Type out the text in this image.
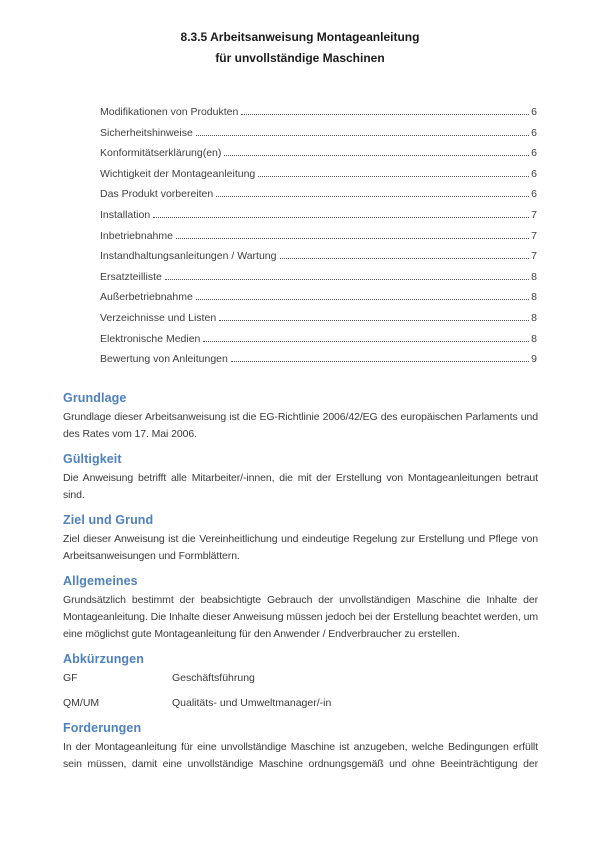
8.3.5 Arbeitsanweisung Montageanleitung
für unvollständige Maschinen
Modifikationen von Produkten	6
Sicherheitshinweise	6
Konformitätserklärung(en)	6
Wichtigkeit der Montageanleitung	6
Das Produkt vorbereiten	6
Installation	7
Inbetriebnahme	7
Instandhaltungsanleitungen / Wartung	7
Ersatzteilliste	8
Außerbetriebnahme	8
Verzeichnisse und Listen	8
Elektronische Medien	8
Bewertung von Anleitungen	9
Grundlage
Grundlage dieser Arbeitsanweisung ist die EG-Richtlinie 2006/42/EG des europäischen Parlaments und
des Rates vom 17. Mai 2006.
Gültigkeit
Die Anweisung betrifft alle Mitarbeiter/-innen, die mit der Erstellung von Montageanleitungen betraut
sind.
Ziel und Grund
Ziel dieser Anweisung ist die Vereinheitlichung und eindeutige Regelung zur Erstellung und Pflege von
Arbeitsanweisungen und Formblättern.
Allgemeines
Grundsätzlich bestimmt der beabsichtigte Gebrauch der unvollständigen Maschine die Inhalte der
Montageanleitung. Die Inhalte dieser Anweisung müssen jedoch bei der Erstellung beachtet werden, um
eine möglichst gute Montageanleitung für den Anwender / Endverbraucher zu erstellen.
Abkürzungen
GF	Geschäftsführung
QM/UM	Qualitäts- und Umweltmanager/-in
Forderungen
In der Montageanleitung für eine unvollständige Maschine ist anzugeben, welche Bedingungen erfüllt
sein müssen, damit eine unvollständige Maschine ordnungsgemäß und ohne Beeinträchtigung der
